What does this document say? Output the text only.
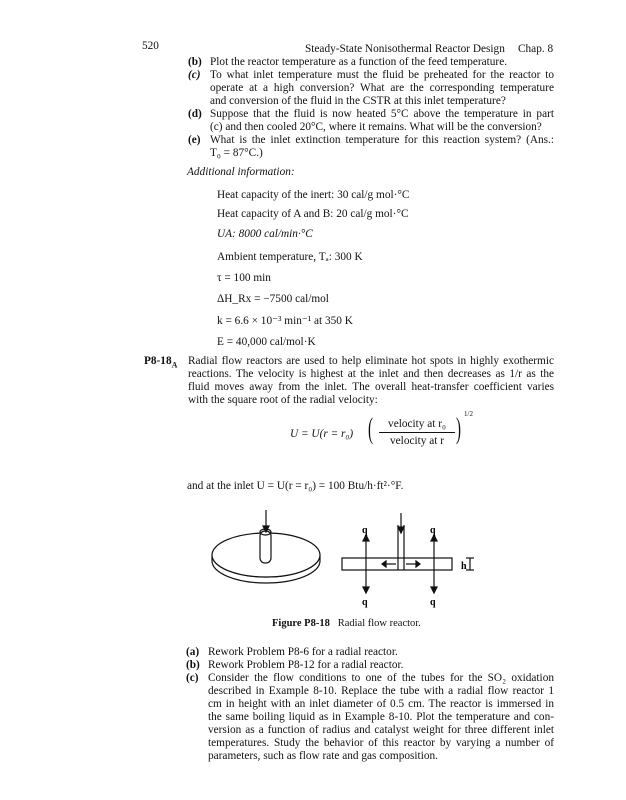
520	Steady-State Nonisothermal Reactor Design Chap. 8
(b) Plot the reactor temperature as a function of the feed temperature.
(c) To what inlet temperature must the fluid be preheated for the reactor to
operate at a high conversion? What are the corresponding temperature
and conversion of the fluid in the CSTR at this inlet temperature?
(d) Suppose that the fluid is now heated 5°C above the temperature in part
(c) and then cooled 20°C, where it remains. What will be the conversion?
(e) What is the inlet extinction temperature for this reaction system? (Ans.:
T₀ = 87°C.)
Additional information:
Heat capacity of the inert: 30 cal/g mol·°C
Heat capacity of A and B: 20 cal/g mol·°C
UA: 8000 cal/min·°C
Ambient temperature, Tₐ: 300 K
τ = 100 min
ΔH_Rx = −7500 cal/mol
k = 6.6 × 10⁻³ min⁻¹ at 350 K
E = 40,000 cal/mol·K
$P8-18_A$ Radial flow reactors are used to help eliminate hot spots in highly exothermic
reactions. The velocity is highest at the inlet and then decreases as 1/r as the
fluid moves away from the inlet. The overall heat-transfer coefficient varies
with the square root of the radial velocity:
U = U(r = r₀) (	velocity at r₀
velocity at r ) 1/2
and at the inlet U = U(r = r₀) = 100 Btu/h·ft²·°F.
q	q
q	q
h
Figure P8-18 Radial flow reactor.
(a) Rework Problem P8-6 for a radial reactor.
(b) Rework Problem P8-12 for a radial reactor.
(c) Consider the flow conditions to one of the tubes for the SO₂ oxidation
described in Example 8-10. Replace the tube with a radial flow reactor 1
cm in height with an inlet diameter of 0.5 cm. The reactor is immersed in
the same boiling liquid as in Example 8-10. Plot the temperature and con-
version as a function of radius and catalyst weight for three different inlet
temperatures. Study the behavior of this reactor by varying a number of
parameters, such as flow rate and gas composition.
